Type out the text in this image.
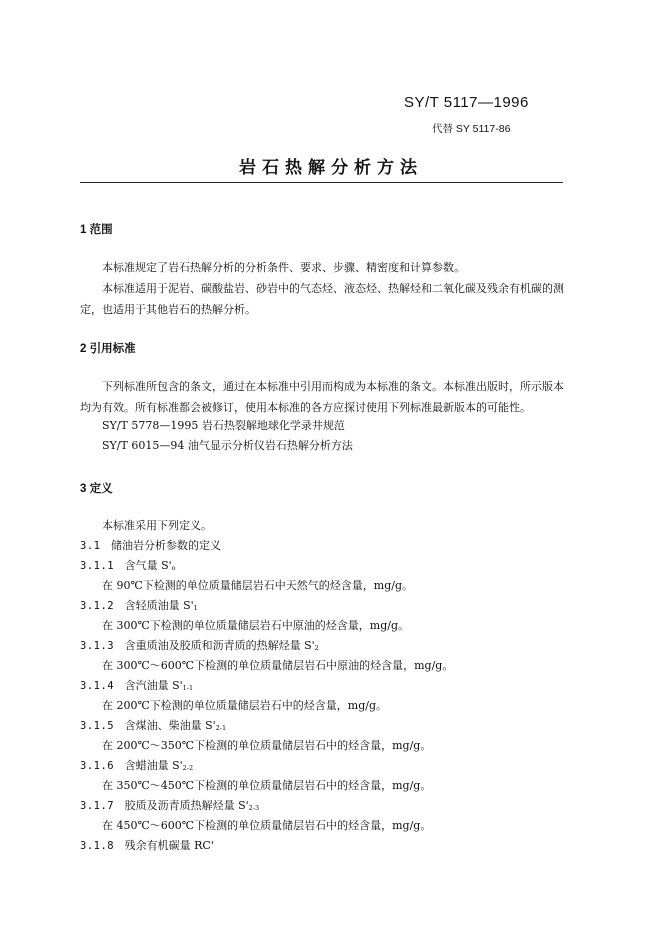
SY/T 5117—1996
代替 SY 5117-86
岩石热解分析方法
1 范围

本标准规定了岩石热解分析的分析条件、要求、步骤、精密度和计算参数。

本标准适用于泥岩、碳酸盐岩、砂岩中的气态烃、液态烃、热解烃和二氧化碳及残余有机碳的测定，也适用于其他岩石的热解分析。

2 引用标准

下列标准所包含的条文，通过在本标准中引用而构成为本标准的条文。本标准出版时，所示版本均为有效。所有标准都会被修订，使用本标准的各方应探讨使用下列标准最新版本的可能性。

SY/T 5778—1995 岩石热裂解地球化学录井规范
SY/T 6015—94 油气显示分析仪岩石热解分析方法
3 定义
本标准采用下列定义。
3.1 储油岩分析参数的定义
3.1.1 含气量 $S'_o$
在 90℃下检测的单位质量储层岩石中天然气的烃含量，mg/g。
3.1.2 含轻质油量 $S'_1$
在 300℃下检测的单位质量储层岩石中原油的烃含量，mg/g。
3.1.3 含重质油及胶质和沥青质的热解烃量 $S'_2$
在 300℃～600℃下检测的单位质量储层岩石中原油的烃含量，mg/g。
3.1.4 含汽油量 $S'_{1-1}$
在 200℃下检测的单位质量储层岩石中的烃含量，mg/g。
3.1.5 含煤油、柴油量 $S'_{2-1}$
在 200℃～350℃下检测的单位质量储层岩石中的烃含量，mg/g。
3.1.6 含蜡油量 $S'_{2-2}$
在 350℃～450℃下检测的单位质量储层岩石中的烃含量，mg/g。
3.1.7 胶质及沥青质热解烃量 $S'_{2-3}$
在 450℃～600℃下检测的单位质量储层岩石中的烃含量，mg/g。
3.1.8 残余有机碳量 RC'
